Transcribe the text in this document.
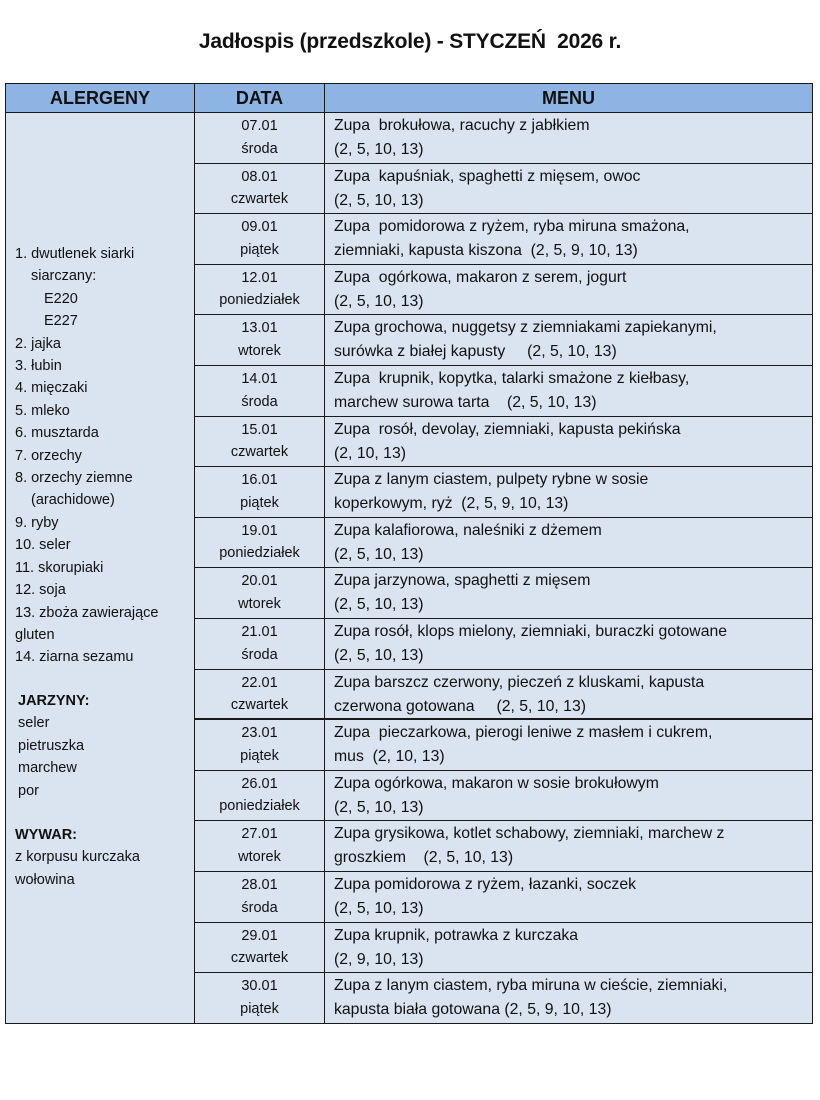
Jadłospis (przedszkole) - STYCZEŃ  2026 r.
ALERGENY	DATA	MENU
1. dwutlenek siarki
siarczany:
E220
E227
2. jajka
3. łubin
4. mięczaki
5. mleko
6. musztarda
7. orzechy
8. orzechy ziemne
(arachidowe)
9. ryby
10. seler
11. skorupiaki
12. soja
13. zboża zawierające
gluten
14. ziarna sezamu
JARZYNY:
seler
pietruszka
marchew
por
WYWAR:
z korpusu kurczaka
wołowina
07.01
środa
Zupa  brokułowa, racuchy z jabłkiem
(2, 5, 10, 13)
08.01
czwartek
Zupa  kapuśniak, spaghetti z mięsem, owoc
(2, 5, 10, 13)
09.01
piątek
Zupa  pomidorowa z ryżem, ryba miruna smażona,
ziemniaki, kapusta kiszona  (2, 5, 9, 10, 13)
12.01
poniedziałek
Zupa  ogórkowa, makaron z serem, jogurt
(2, 5, 10, 13)
13.01
wtorek
Zupa grochowa, nuggetsy z ziemniakami zapiekanymi,
surówka z białej kapusty     (2, 5, 10, 13)
14.01
środa
Zupa  krupnik, kopytka, talarki smażone z kiełbasy,
marchew surowa tarta    (2, 5, 10, 13)
15.01
czwartek
Zupa  rosół, devolay, ziemniaki, kapusta pekińska
(2, 10, 13)
16.01
piątek
Zupa z lanym ciastem, pulpety rybne w sosie
koperkowym, ryż  (2, 5, 9, 10, 13)
19.01
poniedziałek
Zupa kalafiorowa, naleśniki z dżemem
(2, 5, 10, 13)
20.01
wtorek
Zupa jarzynowa, spaghetti z mięsem
(2, 5, 10, 13)
21.01
środa
Zupa rosół, klops mielony, ziemniaki, buraczki gotowane
(2, 5, 10, 13)
22.01
czwartek
Zupa barszcz czerwony, pieczeń z kluskami, kapusta
czerwona gotowana     (2, 5, 10, 13)
23.01
piątek
Zupa  pieczarkowa, pierogi leniwe z masłem i cukrem,
mus  (2, 10, 13)
26.01
poniedziałek
Zupa ogórkowa, makaron w sosie brokułowym
(2, 5, 10, 13)
27.01
wtorek
Zupa grysikowa, kotlet schabowy, ziemniaki, marchew z
groszkiem    (2, 5, 10, 13)
28.01
środa
Zupa pomidorowa z ryżem, łazanki, soczek
(2, 5, 10, 13)
29.01
czwartek
Zupa krupnik, potrawka z kurczaka
(2, 9, 10, 13)
30.01
piątek
Zupa z lanym ciastem, ryba miruna w cieście, ziemniaki,
kapusta biała gotowana (2, 5, 9, 10, 13)
